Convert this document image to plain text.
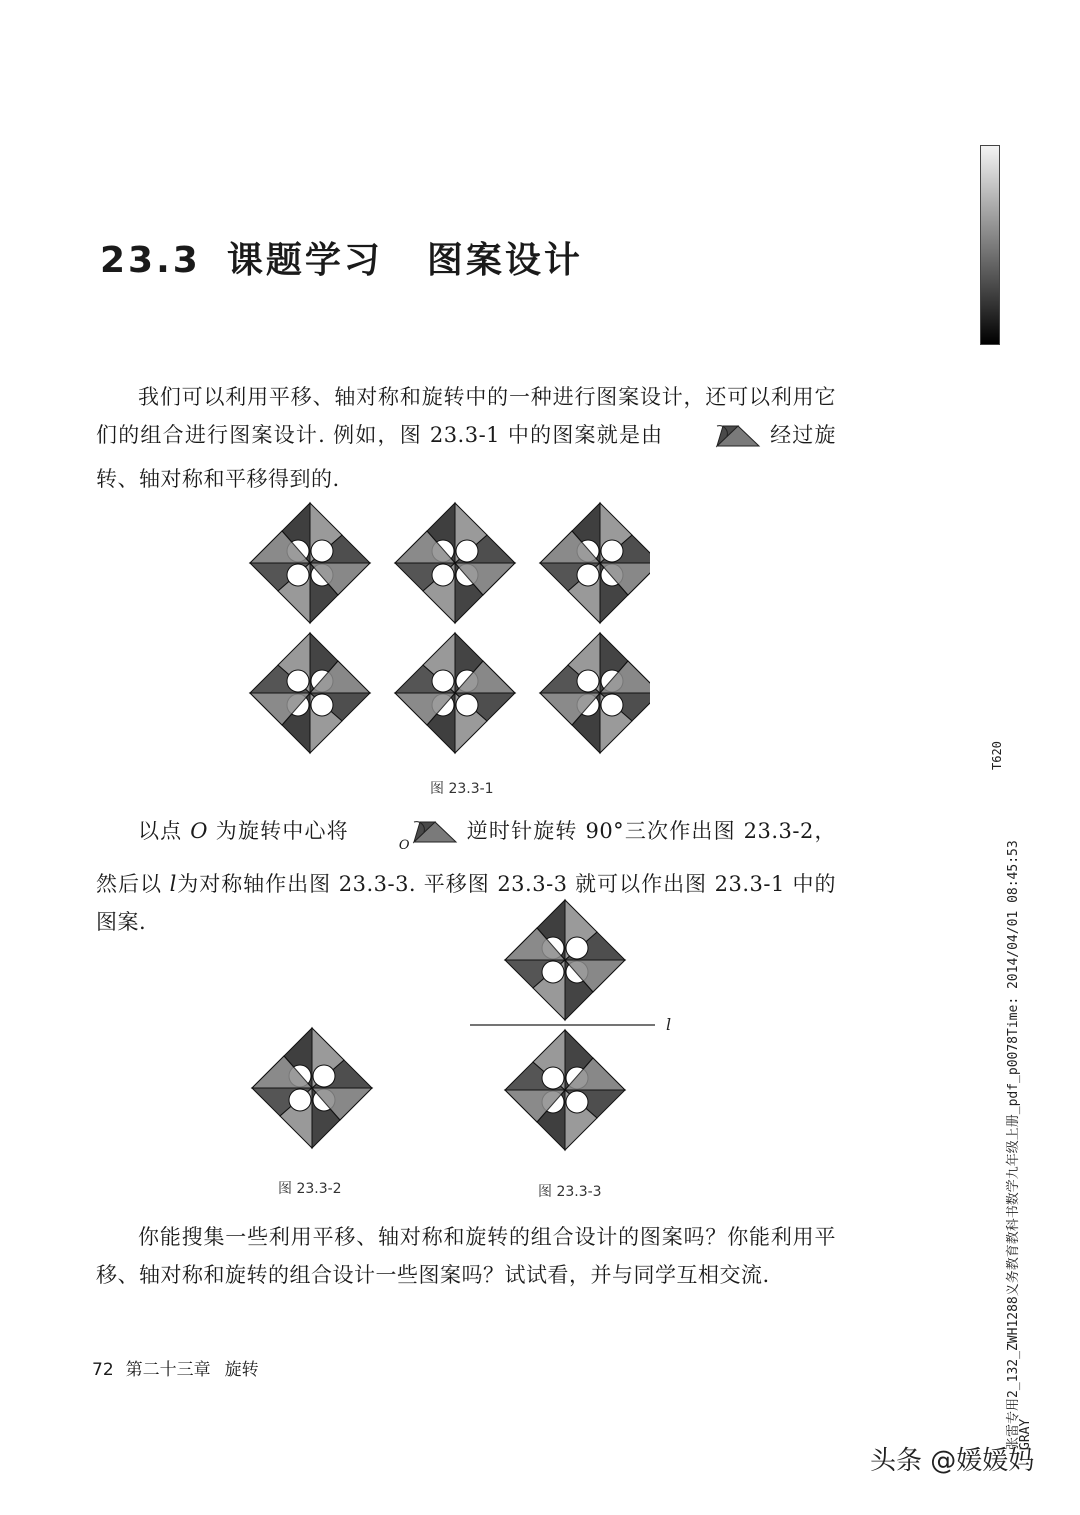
23.3 课题学习 图案设计
我们可以利用平移、轴对称和旋转中的一种进行图案设计，还可以利用它们的组合进行图案设计. 例如，图 23.3-1 中的图案就是由	经过旋转、轴对称和平移得到的.
图 23.3-1
以点 O 为旋转中心将$_O$逆时针旋转 90°三次作出图 23.3-2，然后以 l为对称轴作出图 23.3-3. 平移图 23.3-3 就可以作出图 23.3-1 中的图案.
图 23.3-2
l
图 23.3-3
你能搜集一些利用平移、轴对称和旋转的组合设计的图案吗？你能利用平移、轴对称和旋转的组合设计一些图案吗？试试看，并与同学互相交流.
72 第二十三章 旋转
T620
张雷专用2_132_ZWH1288义务教育教科书数学九年级上册_pdf_p0078Time: 2014/04/01 08:45:53
GRAY
头条 @媛媛妈
